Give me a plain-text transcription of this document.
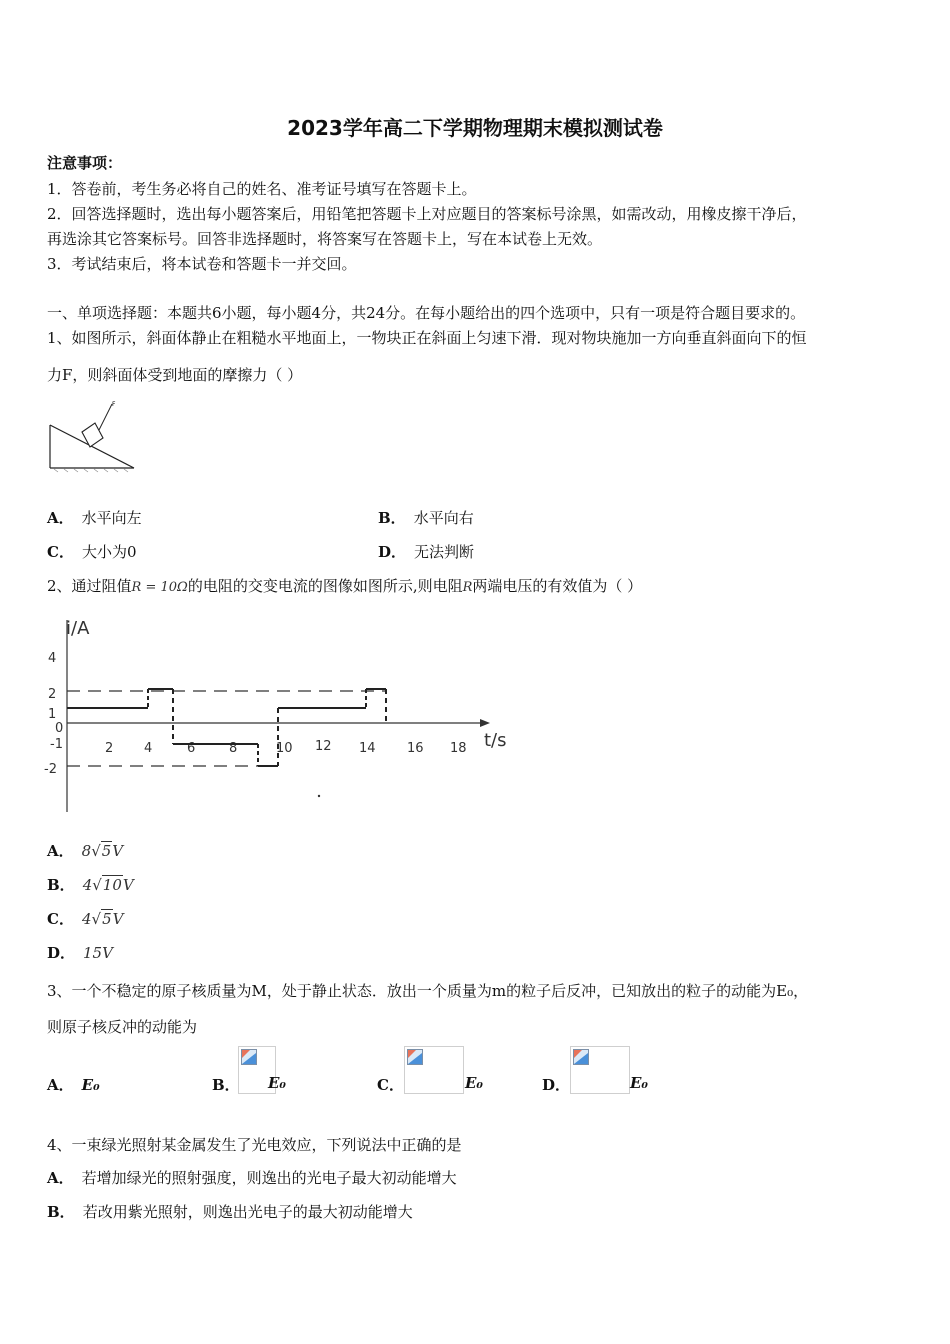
2023学年高二下学期物理期末模拟测试卷
注意事项：
1．答卷前，考生务必将自己的姓名、准考证号填写在答题卡上。
2．回答选择题时，选出每小题答案后，用铅笔把答题卡上对应题目的答案标号涂黑，如需改动，用橡皮擦干净后，
再选涂其它答案标号。回答非选择题时，将答案写在答题卡上，写在本试卷上无效。
3．考试结束后，将本试卷和答题卡一并交回。
一、单项选择题：本题共6小题，每小题4分，共24分。在每小题给出的四个选项中，只有一项是符合题目要求的。
1、如图所示，斜面体静止在粗糙水平地面上，一物块正在斜面上匀速下滑．现对物块施加一方向垂直斜面向下的恒
力F，则斜面体受到地面的摩擦力（ ）
F
A． 水平向左	B． 水平向右
C． 大小为0	D． 无法判断
2、通过阻值R = 10Ω的电阻的交变电流的图像如图所示,则电阻R两端电压的有效值为（ ）
i/A
t/s
4
2
1
0
-1
-2
2 4	6	8	10 12 14 16 18
A． 8√5V
B． 4√10V
C． 4√5V
D． 15V
3、一个不稳定的原子核质量为M，处于静止状态．放出一个质量为m的粒子后反冲，已知放出的粒子的动能为E₀，
则原子核反冲的动能为
A． E₀	B．	E₀	C．	E₀	D．	E₀
4、一束绿光照射某金属发生了光电效应，下列说法中正确的是
A． 若增加绿光的照射强度，则逸出的光电子最大初动能增大
B． 若改用紫光照射，则逸出光电子的最大初动能增大
